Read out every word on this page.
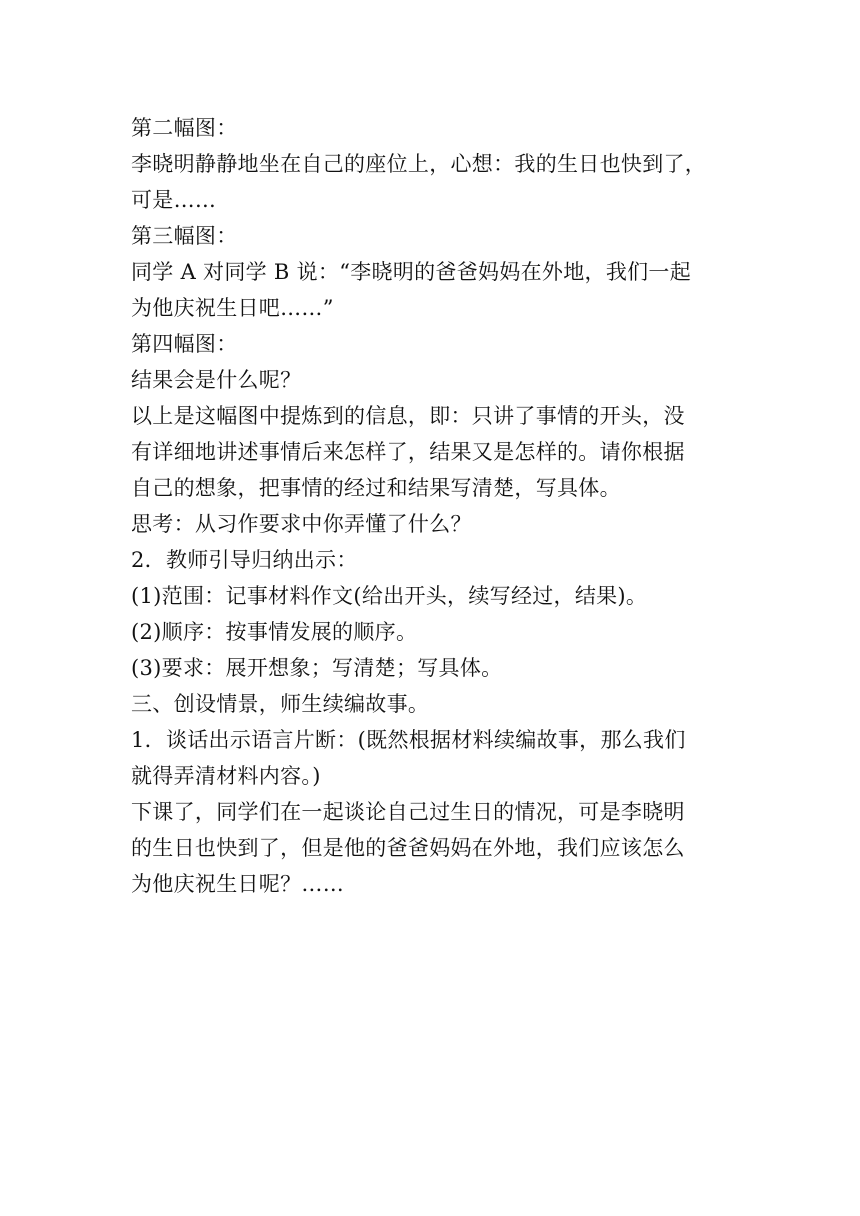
第二幅图：
李晓明静静地坐在自己的座位上，心想：我的生日也快到了，
可是……
第三幅图：
同学 A 对同学 B 说：“李晓明的爸爸妈妈在外地，我们一起
为他庆祝生日吧……”
第四幅图：
结果会是什么呢？
以上是这幅图中提炼到的信息，即：只讲了事情的开头，没
有详细地讲述事情后来怎样了，结果又是怎样的。请你根据
自己的想象，把事情的经过和结果写清楚，写具体。
思考：从习作要求中你弄懂了什么？
2．教师引导归纳出示：
(1)范围：记事材料作文(给出开头，续写经过，结果)。
(2)顺序：按事情发展的顺序。
(3)要求：展开想象；写清楚；写具体。
三、创设情景，师生续编故事。
1．谈话出示语言片断：(既然根据材料续编故事，那么我们
就得弄清材料内容。)
下课了，同学们在一起谈论自己过生日的情况，可是李晓明
的生日也快到了，但是他的爸爸妈妈在外地，我们应该怎么
为他庆祝生日呢？……
